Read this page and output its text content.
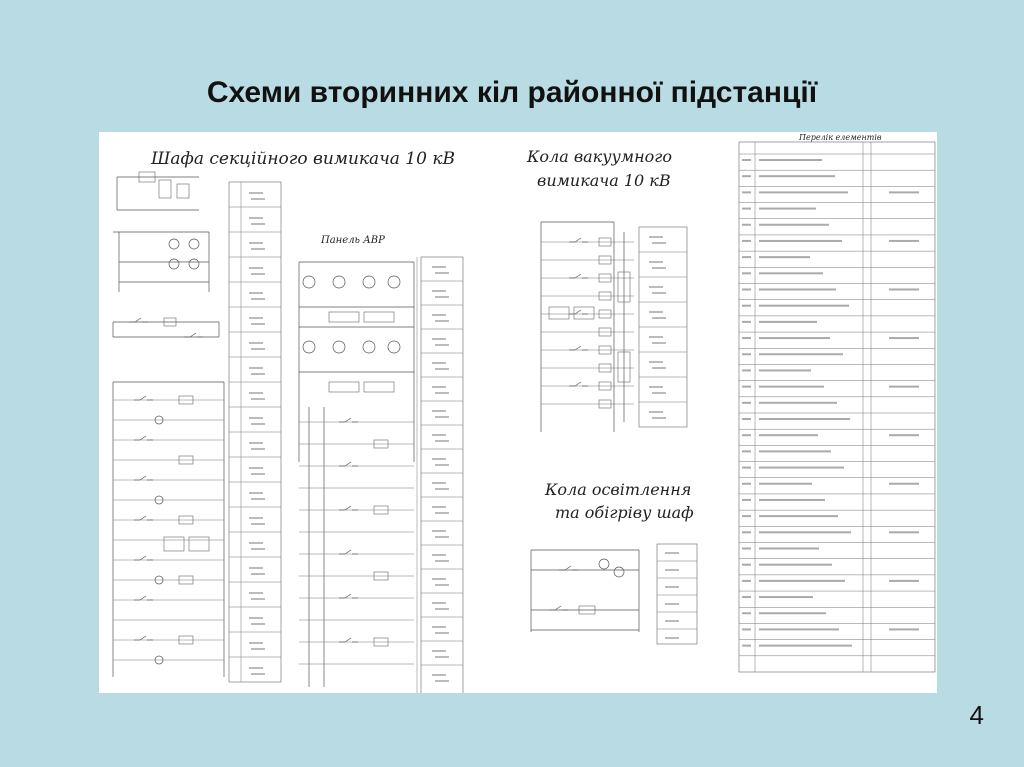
Схеми вторинних кіл районної підстанції
Шафа секційного вимикача 10 кВ
Панель АВР
Кола вакуумного
вимикача 10 кВ
Кола освітлення
та обігріву шаф
Перелік елементів
4
